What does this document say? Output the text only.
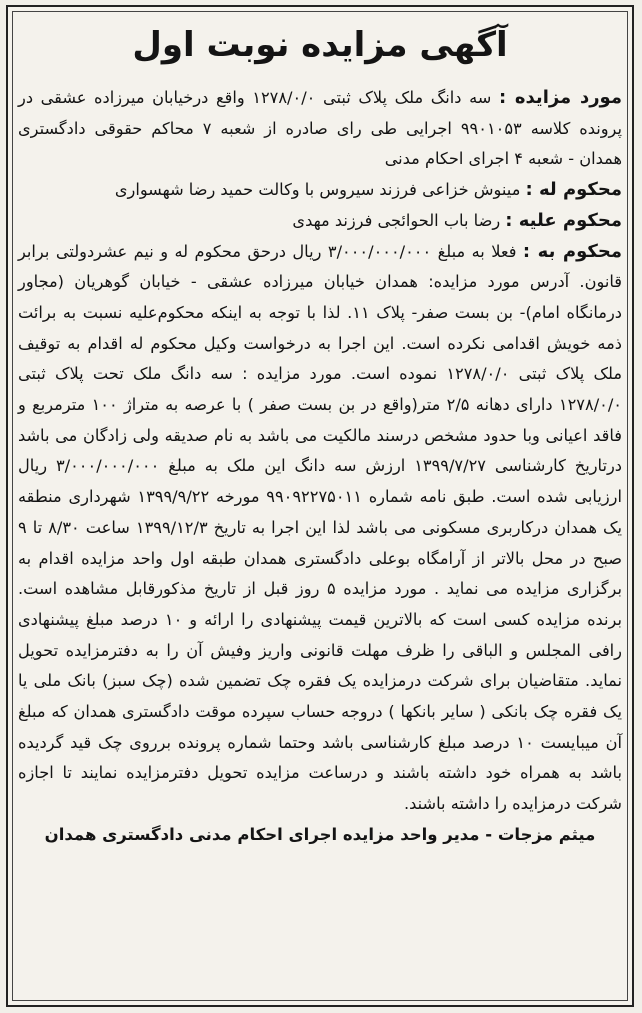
آگهی مزایده نوبت اول

مورد مزایده : سه دانگ ملک پلاک ثبتی ۱۲۷۸/۰/۰ واقع درخیابان میرزاده عشقی در پرونده کلاسه ۹۹۰۱۰۵۳ اجرایی طی رای صادره از شعبه ۷ محاکم حقوقی دادگستری همدان - شعبه ۴ اجرای احکام مدنی

محکوم له : مینوش خزاعی فرزند سیروس با وکالت حمید رضا شهسواری

محکوم علیه : رضا باب الحوائجی فرزند مهدی

محکوم به : فعلا به مبلغ ۳/۰۰۰/۰۰۰/۰۰۰ ریال درحق محکوم له و نیم عشردولتی برابر قانون. آدرس مورد مزایده: همدان خیابان میرزاده عشقی - خیابان گوهریان (مجاور درمانگاه امام)- بن بست صفر- پلاک ۱۱. لذا با توجه به اینکه محکوم‌علیه نسبت به برائت ذمه خویش اقدامی نکرده است. این اجرا به درخواست وکیل محکوم له اقدام به توقیف ملک پلاک ثبتی ۱۲۷۸/۰/۰ نموده است. مورد مزایده : سه دانگ ملک تحت پلاک ثبتی ۱۲۷۸/۰/۰ دارای دهانه ۲/۵ متر(واقع در بن بست صفر ) با عرصه به متراژ ۱۰۰ مترمربع و فاقد اعیانی وبا حدود مشخص درسند مالکیت می باشد به نام صدیقه ولی زادگان می باشد درتاریخ کارشناسی ۱۳۹۹/۷/۲۷ ارزش سه دانگ این ملک به مبلغ ۳/۰۰۰/۰۰۰/۰۰۰ ریال ارزیابی شده است. طبق نامه شماره ۹۹۰۹۲۲۷۵۰۱۱ مورخه ۱۳۹۹/۹/۲۲ شهرداری منطقه یک همدان درکاربری مسکونی می باشد لذا این اجرا به تاریخ ۱۳۹۹/۱۲/۳ ساعت ۸/۳۰ تا ۹ صبح در محل بالاتر از آرامگاه بوعلی دادگستری همدان طبقه اول واحد مزایده اقدام به برگزاری مزایده می نماید . مورد مزایده ۵ روز قبل از تاریخ مذکورقابل مشاهده است. برنده مزایده کسی است که بالاترین قیمت پیشنهادی را ارائه و ۱۰ درصد مبلغ پیشنهادی رافی المجلس و الباقی را ظرف مهلت قانونی واریز وفیش آن را به دفترمزایده تحویل نماید. متقاضیان برای شرکت درمزایده یک فقره چک تضمین شده (چک سبز) بانک ملی یا یک فقره چک بانکی ( سایر بانکها ) دروجه حساب سپرده موقت دادگستری همدان که مبلغ آن میبایست ۱۰ درصد مبلغ کارشناسی باشد وحتما شماره پرونده برروی چک قید گردیده باشد به همراه خود داشته باشند و درساعت مزایده تحویل دفترمزایده نمایند تا اجازه شرکت درمزایده را داشته باشند.

میثم مزجات - مدیر واحد مزایده اجرای احکام مدنی دادگستری همدان
